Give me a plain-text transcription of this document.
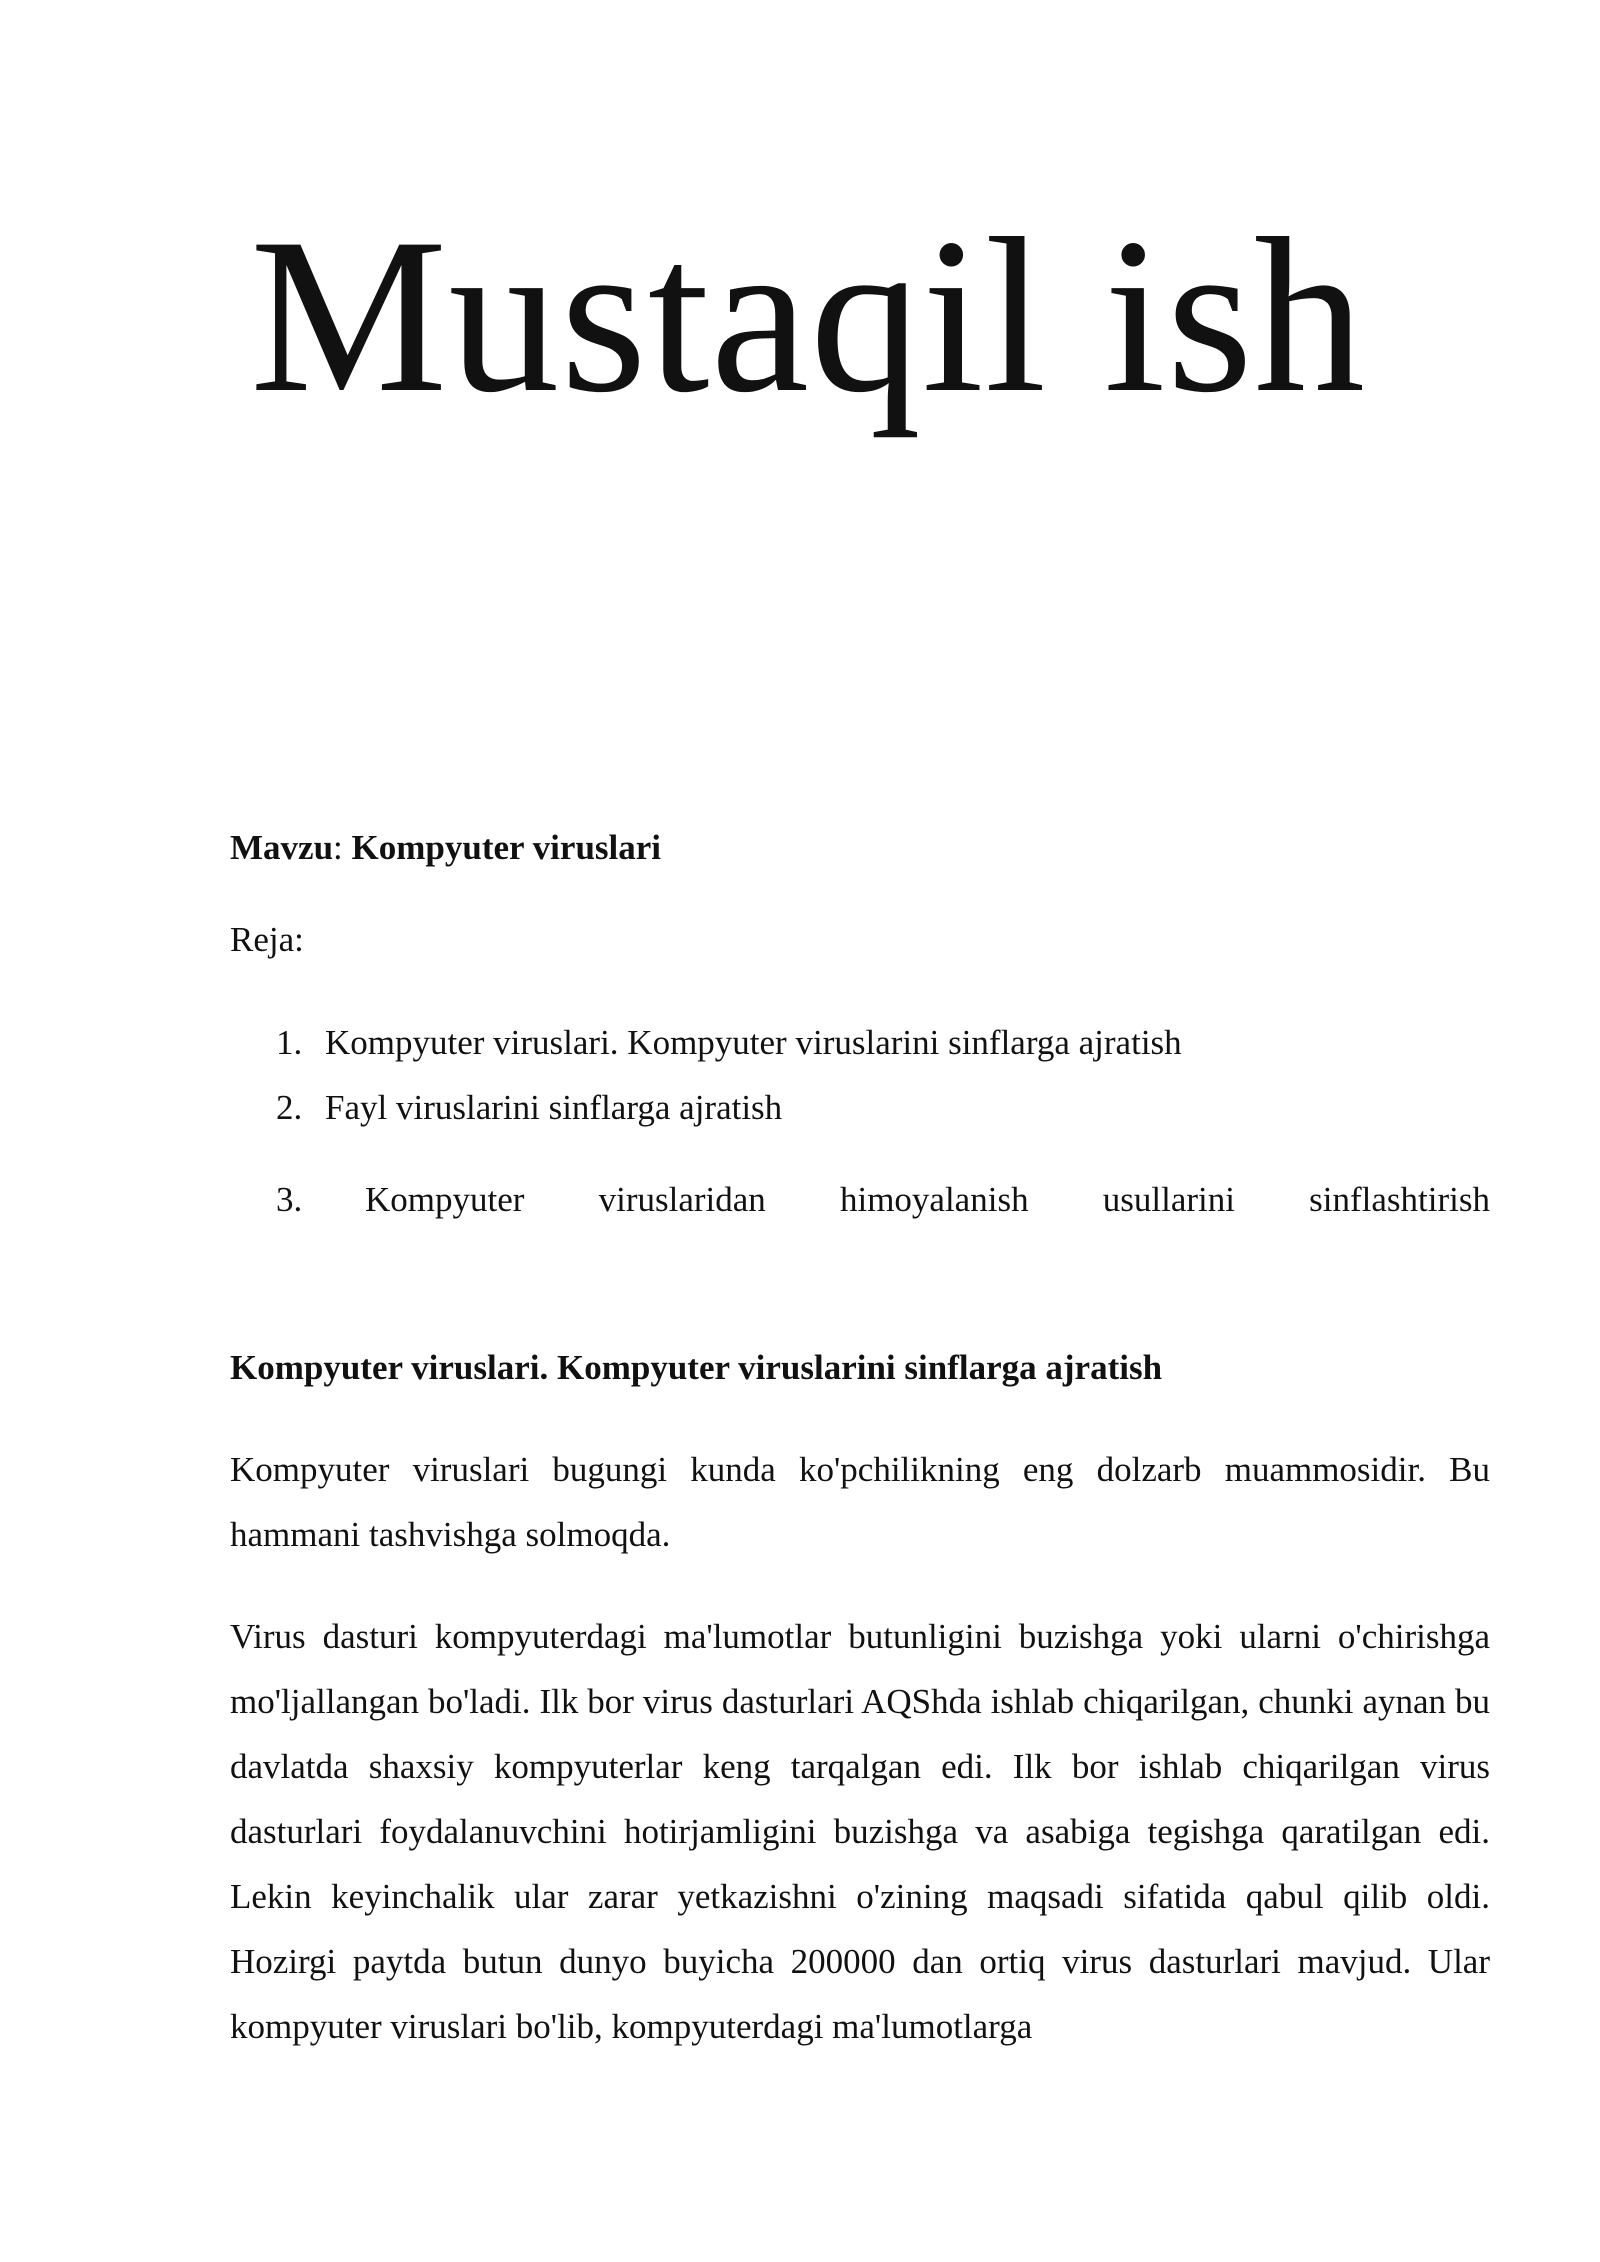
Mustaqil ish

Mavzu: Kompyuter viruslari

Reja:

1. Kompyuter viruslari. Kompyuter viruslarini sinflarga ajratish
2. Fayl viruslarini sinflarga ajratish
3.	Kompyuter viruslaridan himoyalanish usullarini sinflashtirish
Kompyuter viruslari. Kompyuter viruslarini sinflarga ajratish

Kompyuter viruslari bugungi kunda ko'pchilikning eng dolzarb muammosidir. Bu hammani tashvishga solmoqda.

Virus dasturi kompyuterdagi ma'lumotlar butunligini buzishga yoki ularni o'chirishga mo'ljallangan bo'ladi. Ilk bor virus dasturlari AQShda ishlab chiqarilgan, chunki aynan bu davlatda shaxsiy kompyuterlar keng tarqalgan edi. Ilk bor ishlab chiqarilgan virus dasturlari foydalanuvchini hotirjamligini buzishga va asabiga tegishga qaratilgan edi. Lekin keyinchalik ular zarar yetkazishni o'zining maqsadi sifatida qabul qilib oldi. Hozirgi paytda butun dunyo buyicha 200000 dan ortiq virus dasturlari mavjud. Ular kompyuter viruslari bo'lib, kompyuterdagi ma'lumotlarga
